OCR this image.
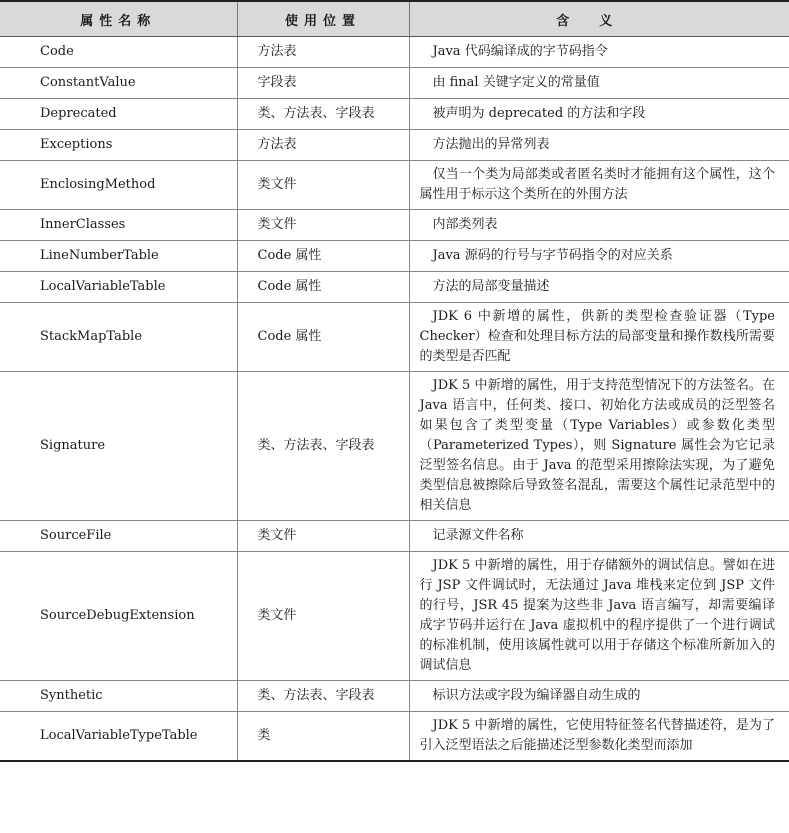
属性名称	使用位置	含义
Code	方法表	Java 代码编译成的字节码指令
ConstantValue	字段表	由 final 关键字定义的常量值
Deprecated	类、方法表、字段表	被声明为 deprecated 的方法和字段
Exceptions	方法表	方法抛出的异常列表
EnclosingMethod	类文件	仅当一个类为局部类或者匿名类时才能拥有这个属性，这个属性用于标示这个类所在的外围方法
InnerClasses	类文件	内部类列表
LineNumberTable	Code 属性	Java 源码的行号与字节码指令的对应关系
LocalVariableTable	Code 属性	方法的局部变量描述
StackMapTable	Code 属性	JDK 6 中新增的属性，供新的类型检查验证器（Type Checker）检查和处理目标方法的局部变量和操作数栈所需要的类型是否匹配
Signature	类、方法表、字段表	JDK 5 中新增的属性，用于支持范型情况下的方法签名。在 Java 语言中，任何类、接口、初始化方法或成员的泛型签名如果包含了类型变量（Type Variables）或参数化类型（Parameterized Types），则 Signature 属性会为它记录泛型签名信息。由于 Java 的范型采用擦除法实现，为了避免类型信息被擦除后导致签名混乱，需要这个属性记录范型中的相关信息
SourceFile	类文件	记录源文件名称
SourceDebugExtension	类文件	JDK 5 中新增的属性，用于存储额外的调试信息。譬如在进行 JSP 文件调试时，无法通过 Java 堆栈来定位到 JSP 文件的行号，JSR 45 提案为这些非 Java 语言编写，却需要编译成字节码并运行在 Java 虚拟机中的程序提供了一个进行调试的标准机制，使用该属性就可以用于存储这个标准所新加入的调试信息
Synthetic	类、方法表、字段表	标识方法或字段为编译器自动生成的
LocalVariableTypeTable	类	JDK 5 中新增的属性，它使用特征签名代替描述符，是为了引入泛型语法之后能描述泛型参数化类型而添加
